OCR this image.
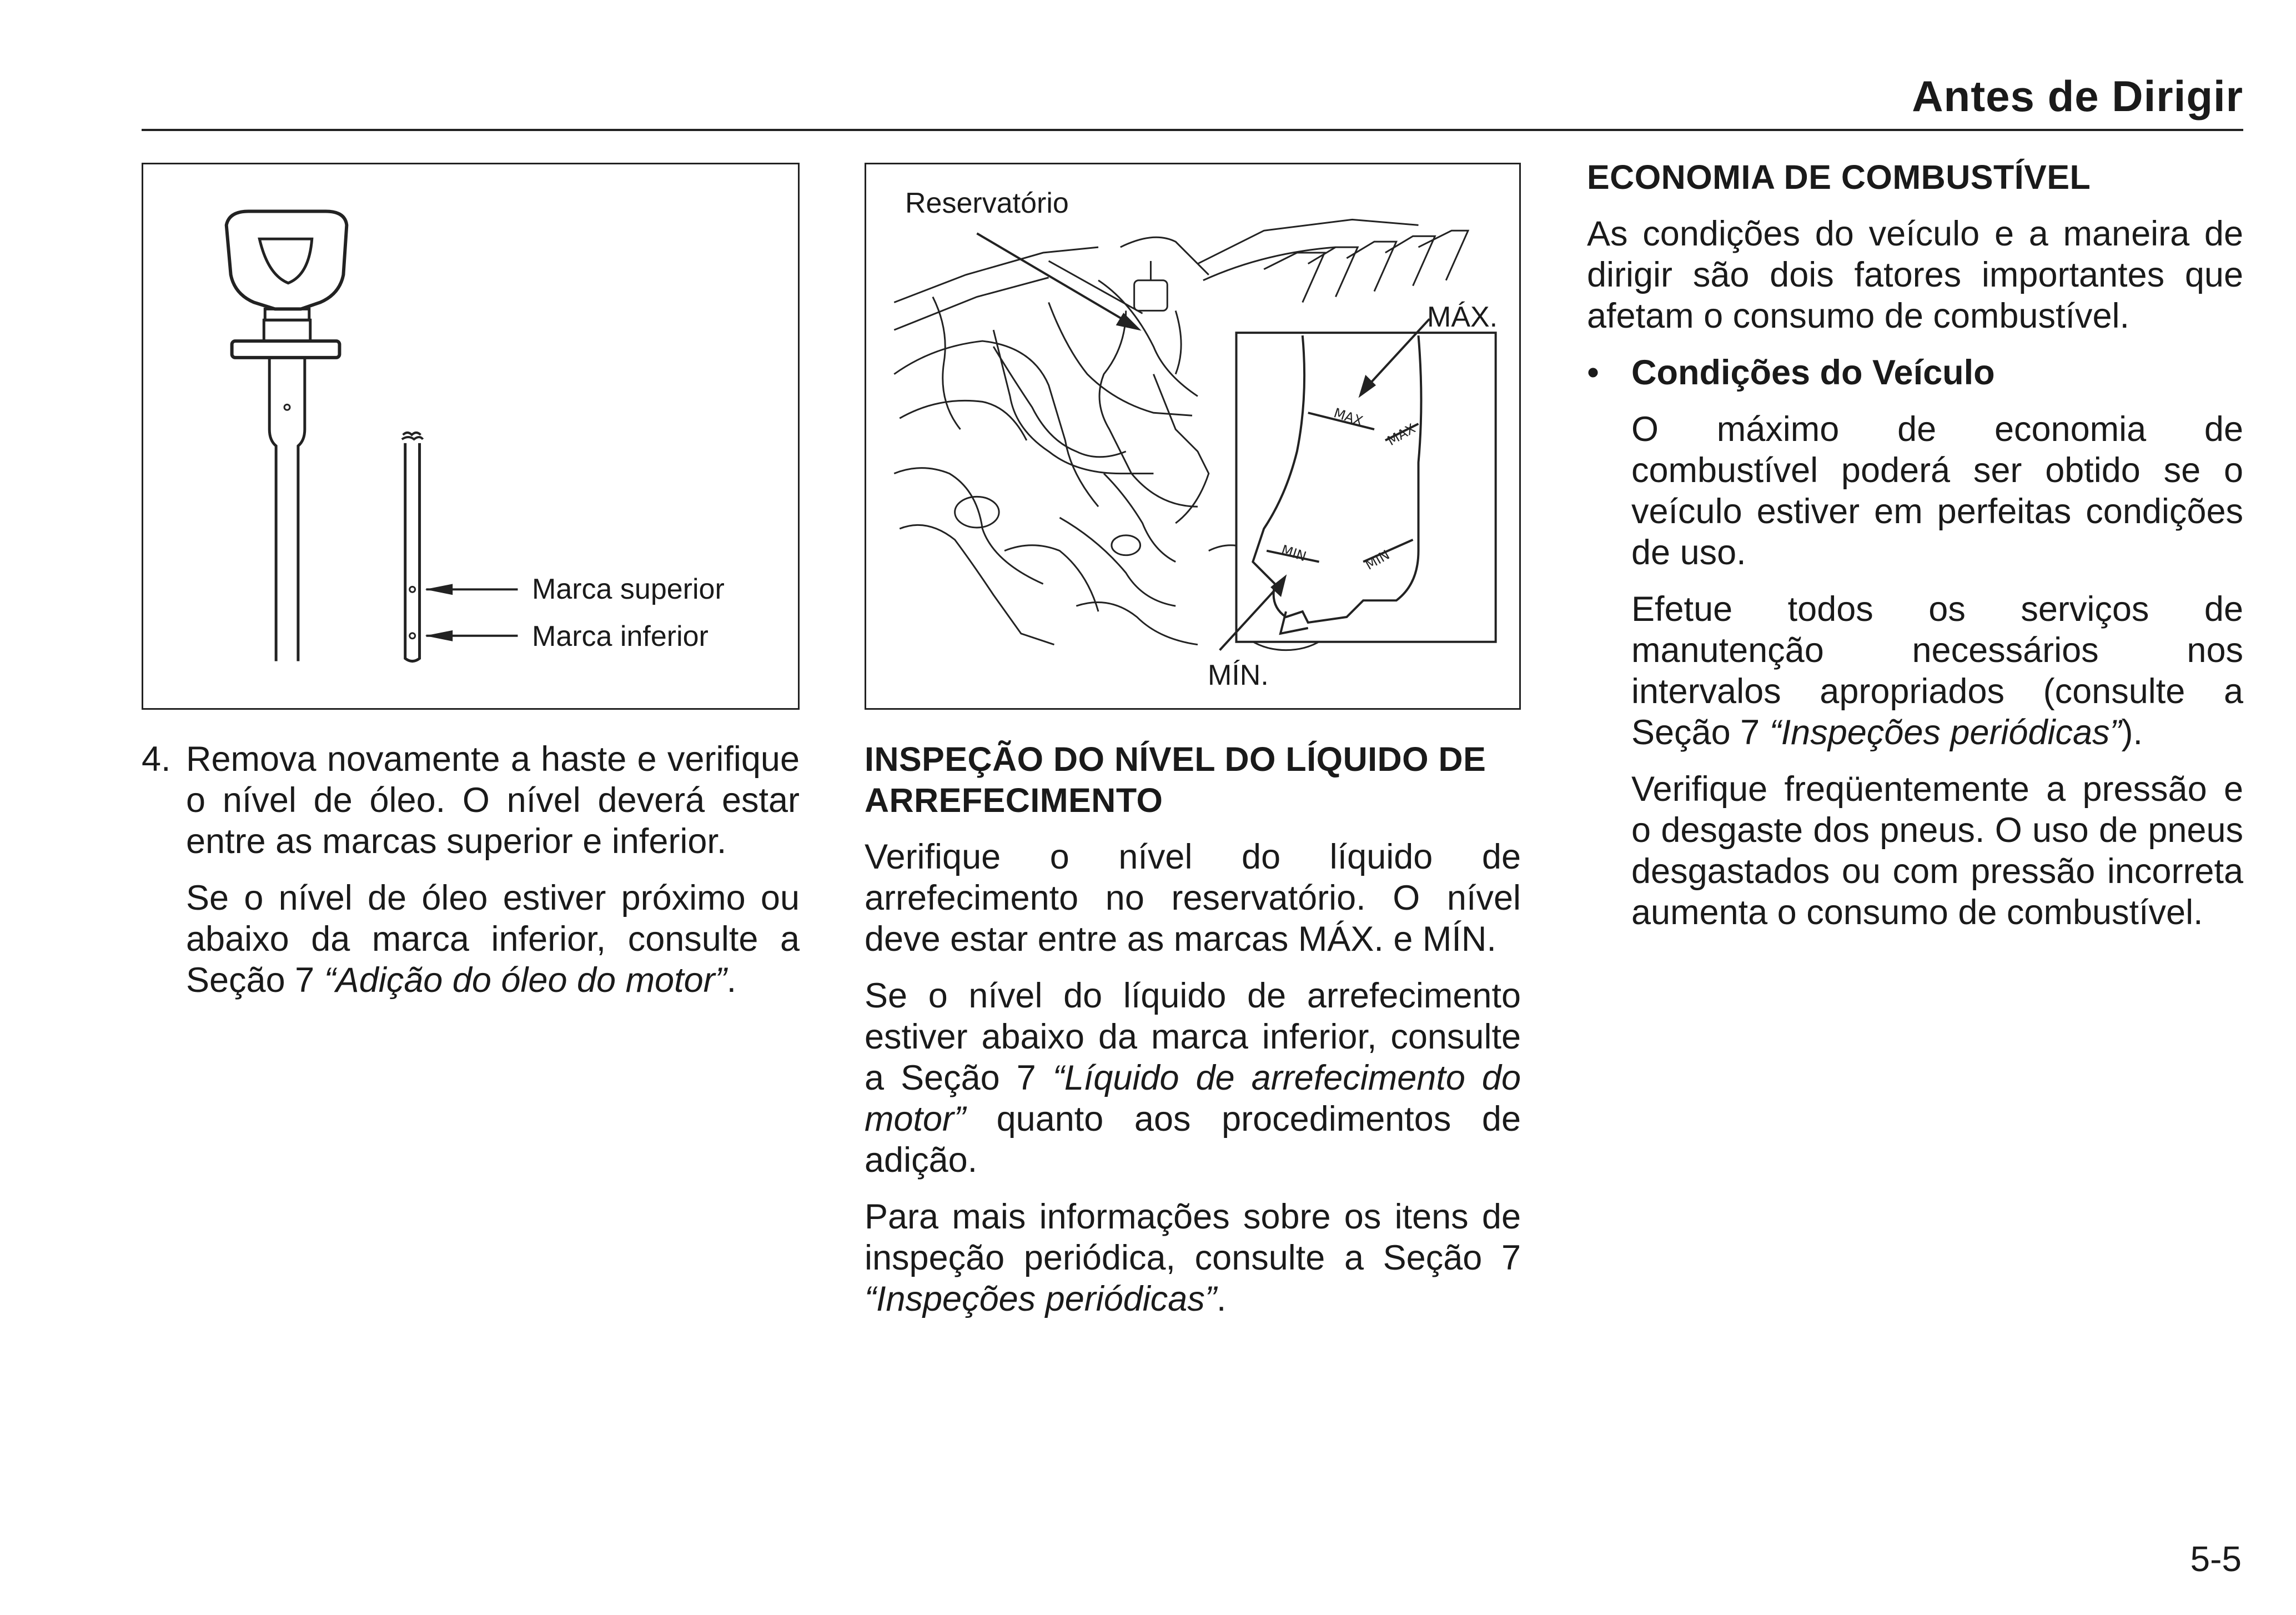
Antes de Dirigir
Marca superior
Marca inferior
MAX
MIN
MAX
MIN
Reservatório
MÁX.
MÍN.
4. Remova novamente a haste e verifique o nível de óleo. O nível deverá estar entre as marcas superior e inferior.

Se o nível de óleo estiver próximo ou abaixo da marca inferior, consulte a Seção 7 “Adição do óleo do motor”.

INSPEÇÃO DO NÍVEL DO LÍQUIDO DE ARREFECIMENTO

Verifique o nível do líquido de arrefecimento no reservatório. O nível deve estar entre as marcas MÁX. e MÍN.

Se o nível do líquido de arrefecimento estiver abaixo da marca inferior, consulte a Seção 7 “Líquido de arrefecimento do motor” quanto aos procedimentos de adição.

Para mais informações sobre os itens de inspeção periódica, consulte a Seção 7 “Inspeções periódicas”.

ECONOMIA DE COMBUSTÍVEL

As condições do veículo e a maneira de dirigir são dois fatores importantes que afetam o consumo de combustível.

• Condições do Veículo

O máximo de economia de combustível poderá ser obtido se o veículo estiver em perfeitas condições de uso.

Efetue todos os serviços de manutenção necessários nos intervalos apropriados (consulte a Seção 7 “Inspeções periódicas”).

Verifique freqüentemente a pressão e o desgaste dos pneus. O uso de pneus desgastados ou com pressão incorreta aumenta o consumo de combustível.

5-5
